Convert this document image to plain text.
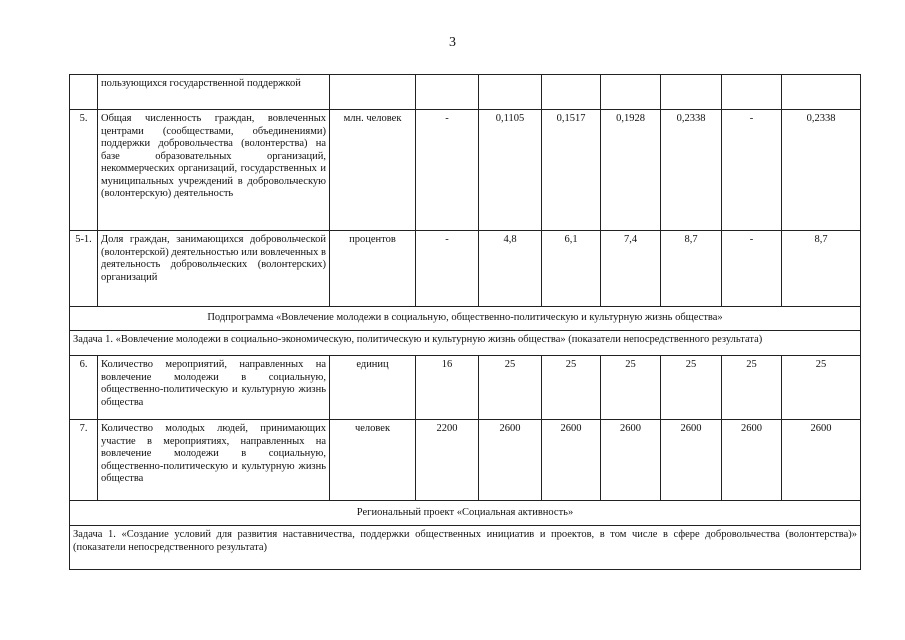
3
	пользующихся государственной поддержкой								
5.	Общая численность граждан, вовлеченных центрами (сообществами, объединениями) поддержки добровольчества (волонтерства) на базе образовательных организаций, некоммерческих организаций, государственных и муниципальных учреждений в добровольческую (волонтерскую) деятельность	млн. человек	-	0,1105	0,1517	0,1928	0,2338	-	0,2338
5-1.	Доля граждан, занимающихся добровольческой (волонтерской) деятельностью или вовлеченных в деятельность добровольческих (волонтерских) организаций	процентов	-	4,8	6,1	7,4	8,7	-	8,7
Подпрограмма «Вовлечение молодежи в социальную, общественно-политическую и культурную жизнь общества»									
Задача 1. «Вовлечение молодежи в социально-экономическую, политическую и культурную жизнь общества» (показатели непосредственного результата)									
6.	Количество мероприятий, направленных на вовлечение молодежи в социальную, общественно-политическую и культурную жизнь общества	единиц	16	25	25	25	25	25	25
7.	Количество молодых людей, принимающих участие в мероприятиях, направленных на вовлечение молодежи в социальную, общественно-политическую и культурную жизнь общества	человек	2200	2600	2600	2600	2600	2600	2600
Региональный проект «Социальная активность»									
Задача 1. «Создание условий для развития наставничества, поддержки общественных инициатив и проектов, в том числе в сфере добровольчества (волонтерства)» (показатели непосредственного результата)									
